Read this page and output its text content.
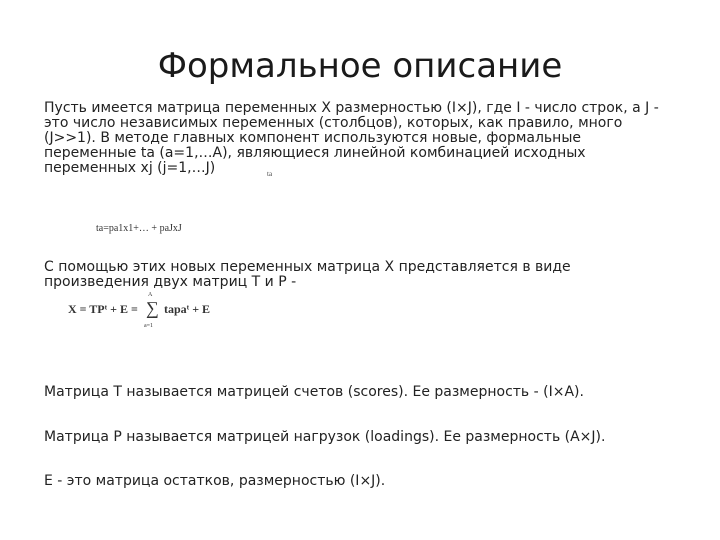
Формальное описание
Пусть имеется матрица переменных X размерностью (I×J), где I - число строк, а J -
это число независимых переменных (столбцов), которых, как правило, много
(J>>1). В методе главных компонент используются новые, формальные
переменные ta (a=1,…A), являющиеся линейной комбинацией исходных
переменных xj (j=1,…J)	ta
ta=pa1x1+… + paJxJ
С помощью этих новых переменных матрица X представляется в виде
произведения двух матриц T и P -
X = TPᵗ + E =
A
∑
a=1
tapaᵗ + E
Матрица T называется матрицей счетов (scores). Ее размерность - (I×A).
Матрица P называется матрицей нагрузок (loadings). Ее размерность (A×J).
E - это матрица остатков, размерностью (I×J).
